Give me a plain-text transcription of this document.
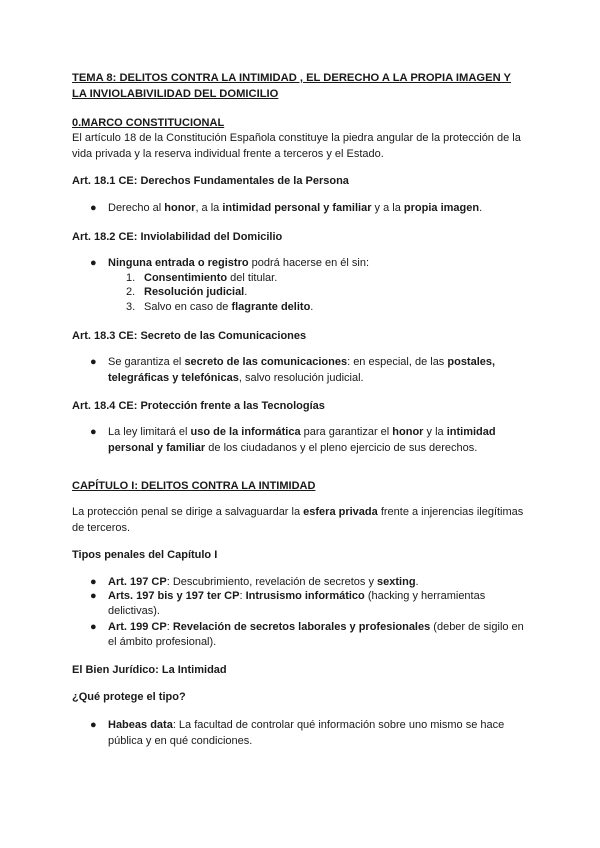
TEMA 8: DELITOS CONTRA LA INTIMIDAD , EL DERECHO A LA PROPIA IMAGEN Y
LA INVIOLABIVILIDAD DEL DOMICILIO
0.MARCO CONSTITUCIONAL
El artículo 18 de la Constitución Española constituye la piedra angular de la protección de la vida privada y la reserva individual frente a terceros y el Estado.
Art. 18.1 CE: Derechos Fundamentales de la Persona
● Derecho al honor, a la intimidad personal y familiar y a la propia imagen.
Art. 18.2 CE: Inviolabilidad del Domicilio
● Ninguna entrada o registro podrá hacerse en él sin:
1. Consentimiento del titular.
2. Resolución judicial.
3. Salvo en caso de flagrante delito.
Art. 18.3 CE: Secreto de las Comunicaciones
● Se garantiza el secreto de las comunicaciones: en especial, de las postales, telegráficas y telefónicas, salvo resolución judicial.
Art. 18.4 CE: Protección frente a las Tecnologías
● La ley limitará el uso de la informática para garantizar el honor y la intimidad personal y familiar de los ciudadanos y el pleno ejercicio de sus derechos.
CAPÍTULO I: DELITOS CONTRA LA INTIMIDAD
La protección penal se dirige a salvaguardar la esfera privada frente a injerencias ilegítimas de terceros.
Tipos penales del Capítulo I
● Art. 197 CP: Descubrimiento, revelación de secretos y sexting.
● Arts. 197 bis y 197 ter CP: Intrusismo informático (hacking y herramientas delictivas).
● Art. 199 CP: Revelación de secretos laborales y profesionales (deber de sigilo en el ámbito profesional).
El Bien Jurídico: La Intimidad
¿Qué protege el tipo?
● Habeas data: La facultad de controlar qué información sobre uno mismo se hace pública y en qué condiciones.
